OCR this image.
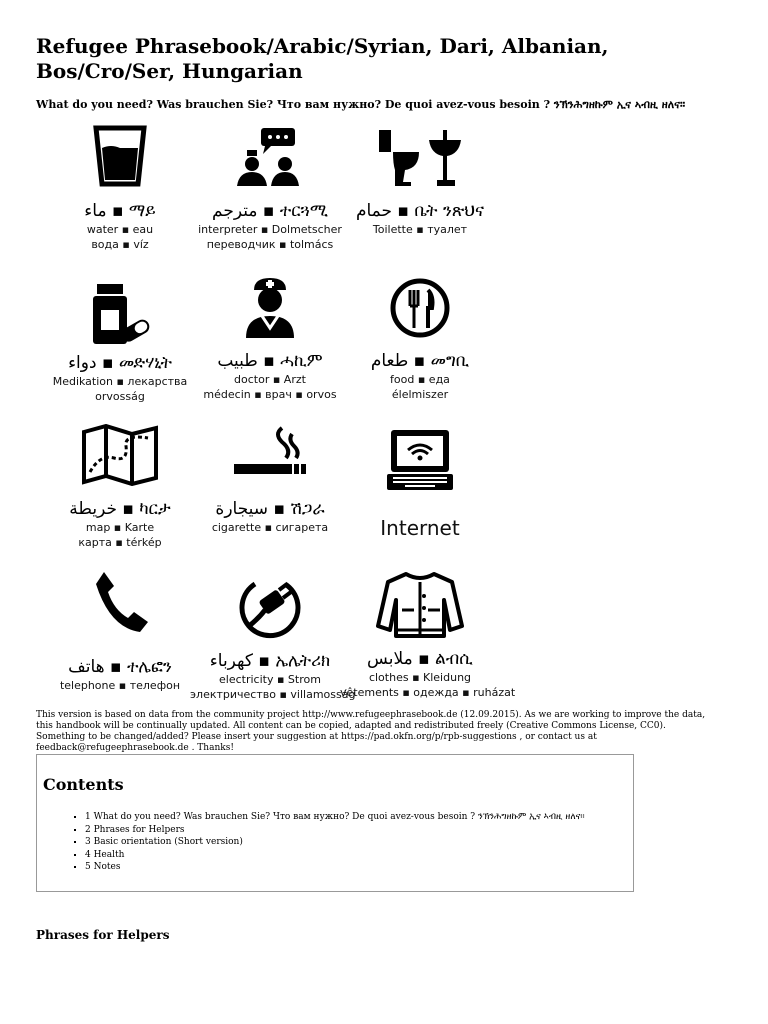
Refugee Phrasebook/Arabic/Syrian, Dari, Albanian, Bos/Cro/Ser, Hungarian
What do you need? Was brauchen Sie? Что вам нужно? De quoi avez-vous besoin ? ንኽንሕግዘኩም ኢና ኣብዚ ዘለና።
ماء ▪ ማይ
water ▪ eau
вода ▪ víz
مترجم ▪ ተርጓሚ
interpreter ▪ Dolmetscher
переводчик ▪ tolmács
حمام ▪ ቤት ንጽህና
Toilette ▪ туалет
دواء ▪ መድሃኒት
Medikation ▪ лекарства
orvosság
طبيب ▪ ሓኪም
doctor ▪ Arzt
médecin ▪ врач ▪ orvos
طعام ▪ መግቢ
food ▪ еда
élelmiszer
خريطة ▪ ካርታ
map ▪ Karte
карта ▪ térkép
سيجارة ▪ ሽጋራ
cigarette ▪ сигарета	Internet
هاتف ▪ ተሌፎን
telephone ▪ телефон
كهرباء ▪ ኤሌትሪክ
electricity ▪ Strom
электричество ▪ villamosság
ملابس ▪ ልብሲ
clothes ▪ Kleidung
vêtements ▪ одежда ▪ ruházat
This version is based on data from the community project http://www.refugeephrasebook.de (12.09.2015). As we are working to improve the data, this handbook will be continually updated. All content can be copied, adapted and redistributed freely (Creative Commons License, CC0). Something to be changed/added? Please insert your suggestion at https://pad.okfn.org/p/rpb-suggestions , or contact us at feedback@refugeephrasebook.de . Thanks!
Contents
▪ 1 What do you need? Was brauchen Sie? Что вам нужно? De quoi avez-vous besoin ? ንኽንሕግዘኩም ኢና ኣብዚ ዘለና።
▪ 2 Phrases for Helpers
▪ 3 Basic orientation (Short version)
▪ 4 Health
▪ 5 Notes
Phrases for Helpers
